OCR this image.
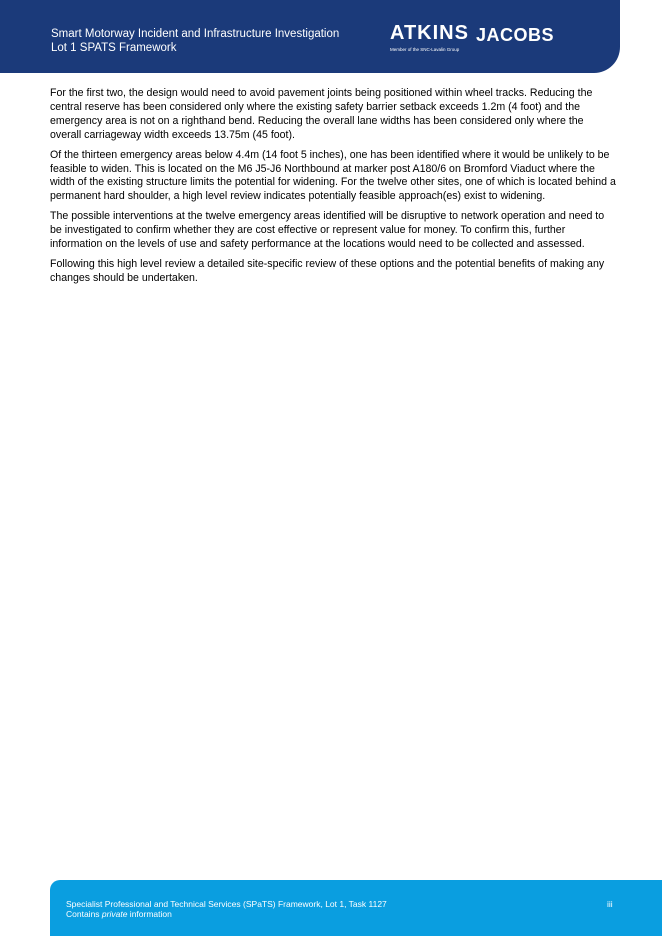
Smart Motorway Incident and Infrastructure Investigation
Lot 1 SPATS Framework
ATKINS
Member of the SNC-Lavalin Group
JACOBS

For the first two, the design would need to avoid pavement joints being positioned within wheel tracks. Reducing the central reserve has been considered only where the existing safety barrier setback exceeds 1.2m (4 foot) and the emergency area is not on a righthand bend. Reducing the overall lane widths has been considered only where the overall carriageway width exceeds 13.75m (45 foot).

Of the thirteen emergency areas below 4.4m (14 foot 5 inches), one has been identified where it would be unlikely to be feasible to widen. This is located on the M6 J5-J6 Northbound at marker post A180/6 on Bromford Viaduct where the width of the existing structure limits the potential for widening. For the twelve other sites, one of which is located behind a permanent hard shoulder, a high level review indicates potentially feasible approach(es) exist to widening.

The possible interventions at the twelve emergency areas identified will be disruptive to network operation and need to be investigated to confirm whether they are cost effective or represent value for money. To confirm this, further information on the levels of use and safety performance at the locations would need to be collected and assessed.

Following this high level review a detailed site-specific review of these options and the potential benefits of making any changes should be undertaken.

Specialist Professional and Technical Services (SPaTS) Framework, Lot 1, Task 1127
Contains private information
iii
